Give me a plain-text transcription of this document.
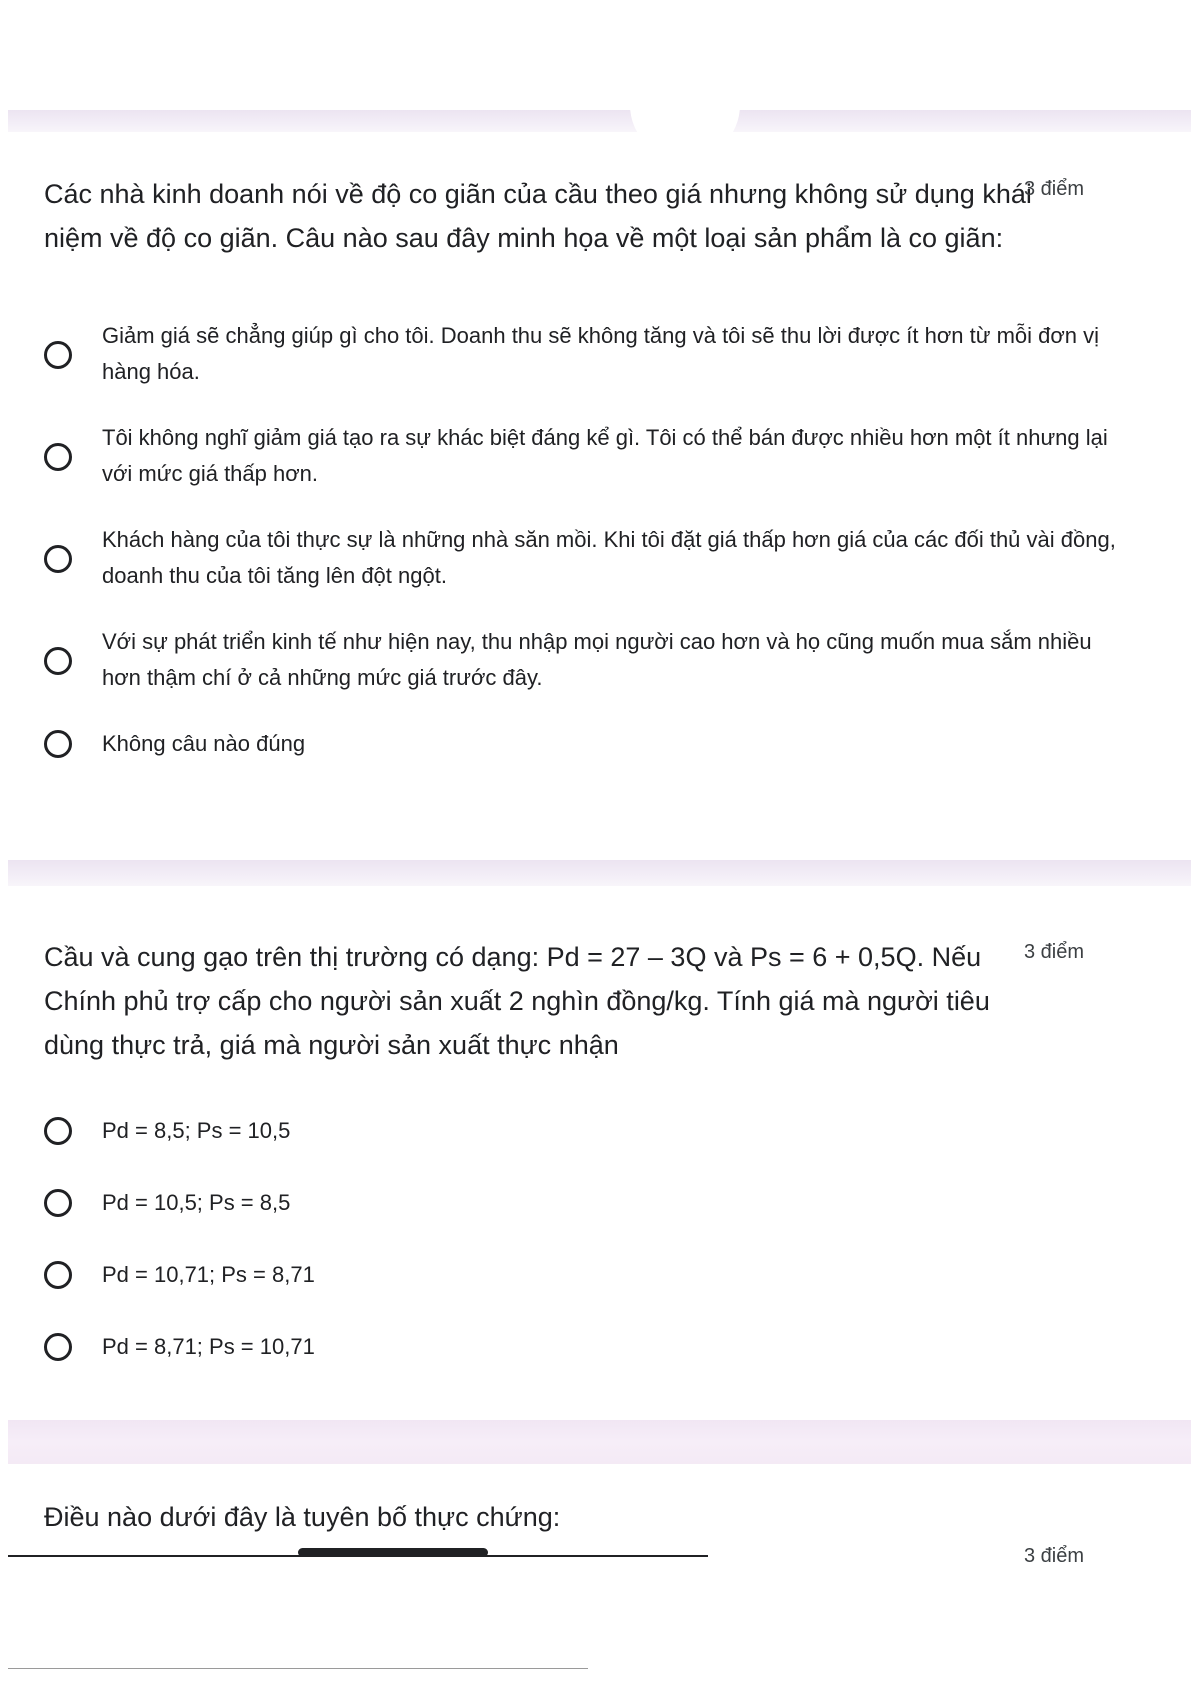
Các nhà kinh doanh nói về độ co giãn của cầu theo giá nhưng không sử dụng khái niệm về độ co giãn. Câu nào sau đây minh họa về một loại sản phẩm là co giãn:

3 điểm
Giảm giá sẽ chẳng giúp gì cho tôi. Doanh thu sẽ không tăng và tôi sẽ thu lời được ít hơn từ mỗi đơn vị hàng hóa.
Tôi không nghĩ giảm giá tạo ra sự khác biệt đáng kể gì. Tôi có thể bán được nhiều hơn một ít nhưng lại với mức giá thấp hơn.
Khách hàng của tôi thực sự là những nhà săn mồi. Khi tôi đặt giá thấp hơn giá của các đối thủ vài đồng, doanh thu của tôi tăng lên đột ngột.
Với sự phát triển kinh tế như hiện nay, thu nhập mọi người cao hơn và họ cũng muốn mua sắm nhiều hơn thậm chí ở cả những mức giá trước đây.
Không câu nào đúng

Cầu và cung gạo trên thị trường có dạng: Pd = 27 – 3Q và Ps = 6 + 0,5Q. Nếu Chính phủ trợ cấp cho người sản xuất 2 nghìn đồng/kg. Tính giá mà người tiêu dùng thực trả, giá mà người sản xuất thực nhận

3 điểm
Pd = 8,5; Ps = 10,5
Pd = 10,5; Ps = 8,5
Pd = 10,71; Ps = 8,71
Pd = 8,71; Ps = 10,71

Điều nào dưới đây là tuyên bố thực chứng:

3 điểm
